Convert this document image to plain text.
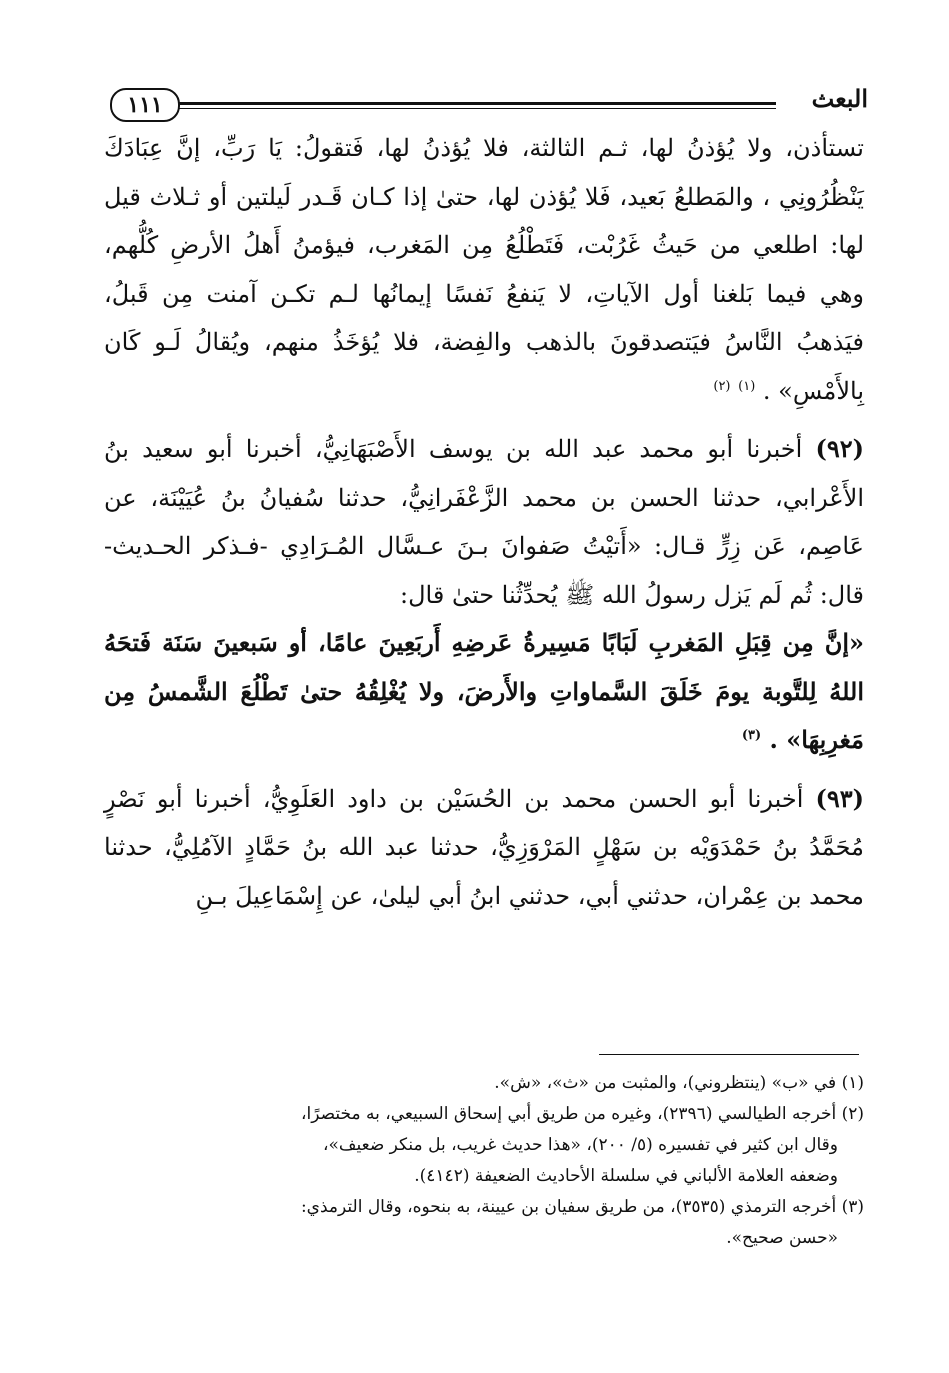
١١١	البعث

تستأذن، ولا يُؤذنُ لها، ثـم الثالثة، فلا يُؤذنُ لها، فَتقولُ: يَا رَبِّ، إنَّ عِبَادَكَ يَنْظُرُونِي ، والمَطلعُ بَعيد، فَلا يُؤذن لها، حتىٰ إذا كـان قَـدر لَيلتين أو ثـلاث قيل لها: اطلعي من حَيثُ غَرُبْت، فَتَطْلُعُ مِن المَغرب، فيؤمنُ أَهلُ الأرضِ كُلُّهم، وهي فيما بَلغنا أول الآياتِ، لا يَنفعُ نَفسًا إيمانُها لـم تكـن آمنت مِن قَبلُ، فيَذهبُ النَّاسُ فيَتصدقونَ بالذهب والفِضة، فلا يُؤخَذُ منهم، ويُقالُ لَـو كَان بِالأَمْسِ» . $^{(١)}$ $^{(٢)}$

(٩٢) أخبرنا أبو محمد عبد الله بن يوسف الأَصْبَهَانِيُّ، أخبرنا أبو سعيد بنُ الأَعْرابي، حدثنا الحسن بن محمد الزَّعْفَرانِيُّ، حدثنا سُفيانُ بنُ عُيَيْنَة، عن عَاصِم، عَن زِرٍّ قـال: «أَتيْتُ صَفوانَ بـنَ عـسَّال المُـرَادِي -فـذكر الحـديث- قال: ثُم لَم يَزل رسولُ الله ﷺ يُحدِّثُنا حتىٰ قال:

«إنَّ مِن قِبَلِ المَغربِ لَبَابًا مَسِيرةُ عَرضِهِ أَربَعِينَ عامًا، أو سَبعينَ سَنَة فَتحَهُ اللهُ لِلتَّوبة يومَ خَلَقَ السَّماواتِ والأَرضَ، ولا يُغْلِقُهُ حتىٰ تَطْلُعَ الشَّمسُ مِن مَغرِبِهَا» . $^{(٣)}$

(٩٣) أخبرنا أبو الحسن محمد بن الحُسَيْن بن داود العَلَوِيُّ، أخبرنا أبو نَصْرٍ مُحَمَّدُ بنُ حَمْدَوَيْه بن سَهْلٍ المَرْوَزِيُّ، حدثنا عبد الله بنُ حَمَّادٍ الآمُلِيُّ، حدثنا محمد بن عِمْران، حدثني أبي، حدثني ابنُ أبي ليلىٰ، عن إِسْمَاعِيلَ بـنِ

(١) في «ب» (ينتظروني)، والمثبت من «ث»، «ش».

(٢) أخرجه الطيالسي (٢٣٩٦)، وغيره من طريق أبي إسحاق السبيعي، به مختصرًا،

وقال ابن كثير في تفسيره (٥/ ٢٠٠)، «هذا حديث غريب، بل منكر ضعيف»،

وضعفه العلامة الألباني في سلسلة الأحاديث الضعيفة (٤١٤٢).

(٣) أخرجه الترمذي (٣٥٣٥)، من طريق سفيان بن عيينة، به بنحوه، وقال الترمذي:

«حسن صحيح».
